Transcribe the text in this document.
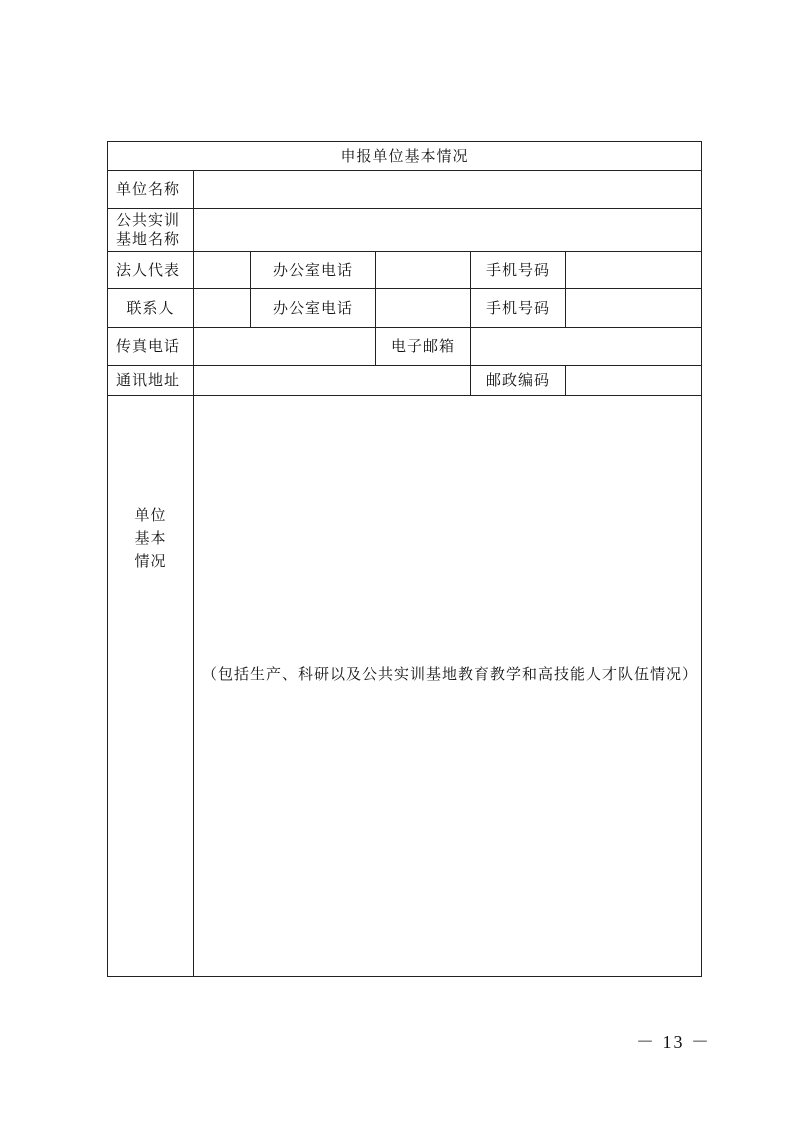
申报单位基本情况					
单位名称					

公共实训
基地名称					

法人代表		办公室电话		手机号码	
联系人		办公室电话		手机号码	
传真电话			电子邮箱		
通讯地址				邮政编码	

单位
基本
情况	（包括生产、科研以及公共实训基地教育教学和高技能人才队伍情况）				
－ 13 －
